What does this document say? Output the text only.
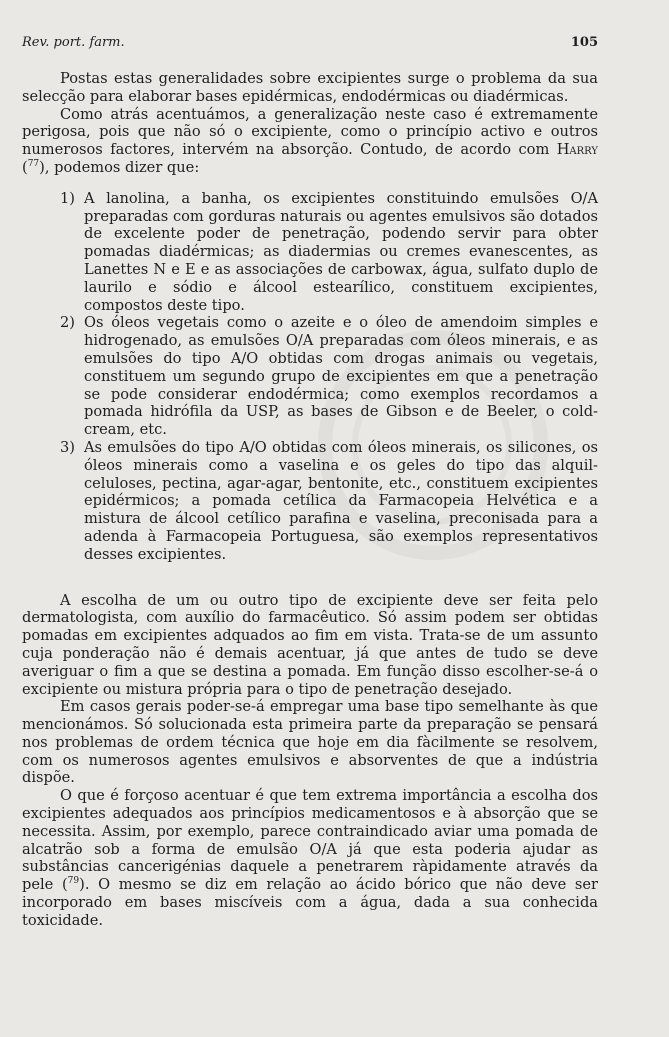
Rev. port. farm.	105

Postas estas generalidades sobre excipientes surge o problema da sua selecção para elaborar bases epidérmicas, endodérmicas ou diadérmicas.

Como atrás acentuámos, a generalização neste caso é extremamente perigosa, pois que não só o excipiente, como o princípio activo e outros numerosos factores, intervém na absorção. Contudo, de acordo com Harry ($^{77}$), podemos dizer que:

1) A lanolina, a banha, os excipientes constituindo emulsões O/A preparadas com gorduras naturais ou agentes emulsivos são dotados de excelente poder de penetração, podendo servir para obter pomadas diadérmicas; as diadermias ou cremes evanescentes, as Lanettes N e E e as associações de carbowax, água, sulfato duplo de laurilo e sódio e álcool estearílico, constituem excipientes, compostos deste tipo.
2) Os óleos vegetais como o azeite e o óleo de amendoim simples e hidrogenado, as emulsões O/A preparadas com óleos minerais, e as emulsões do tipo A/O obtidas com drogas animais ou vegetais, constituem um segundo grupo de excipientes em que a penetração se pode considerar endodérmica; como exemplos recordamos a pomada hidrófila da USP, as bases de Gibson e de Beeler, o cold-cream, etc.
3) As emulsões do tipo A/O obtidas com óleos minerais, os silicones, os óleos minerais como a vaselina e os geles do tipo das alquil-celuloses, pectina, agar-agar, bentonite, etc., constituem excipientes epidérmicos; a pomada cetílica da Farmacopeia Helvética e a mistura de álcool cetílico parafina e vaselina, preconisada para a adenda à Farmacopeia Portuguesa, são exemplos representativos desses excipientes.

A escolha de um ou outro tipo de excipiente deve ser feita pelo dermatologista, com auxílio do farmacêutico. Só assim podem ser obtidas pomadas em excipientes adquados ao fim em vista. Trata-se de um assunto cuja ponderação não é demais acentuar, já que antes de tudo se deve averiguar o fim a que se destina a pomada. Em função disso escolher-se-á o excipiente ou mistura própria para o tipo de penetração desejado.

Em casos gerais poder-se-á empregar uma base tipo semelhante às que mencionámos. Só solucionada esta primeira parte da preparação se pensará nos problemas de ordem técnica que hoje em dia fàcilmente se resolvem, com os numerosos agentes emulsivos e absorventes de que a indústria dispõe.

O que é forçoso acentuar é que tem extrema importância a escolha dos excipientes adequados aos princípios medicamentosos e à absorção que se necessita. Assim, por exemplo, parece contraindicado aviar uma pomada de alcatrão sob a forma de emulsão O/A já que esta poderia ajudar as substâncias cancerigénias daquele a penetrarem ràpidamente através da pele ($^{79}$). O mesmo se diz em relação ao ácido bórico que não deve ser incorporado em bases miscíveis com a água, dada a sua conhecida toxicidade.
